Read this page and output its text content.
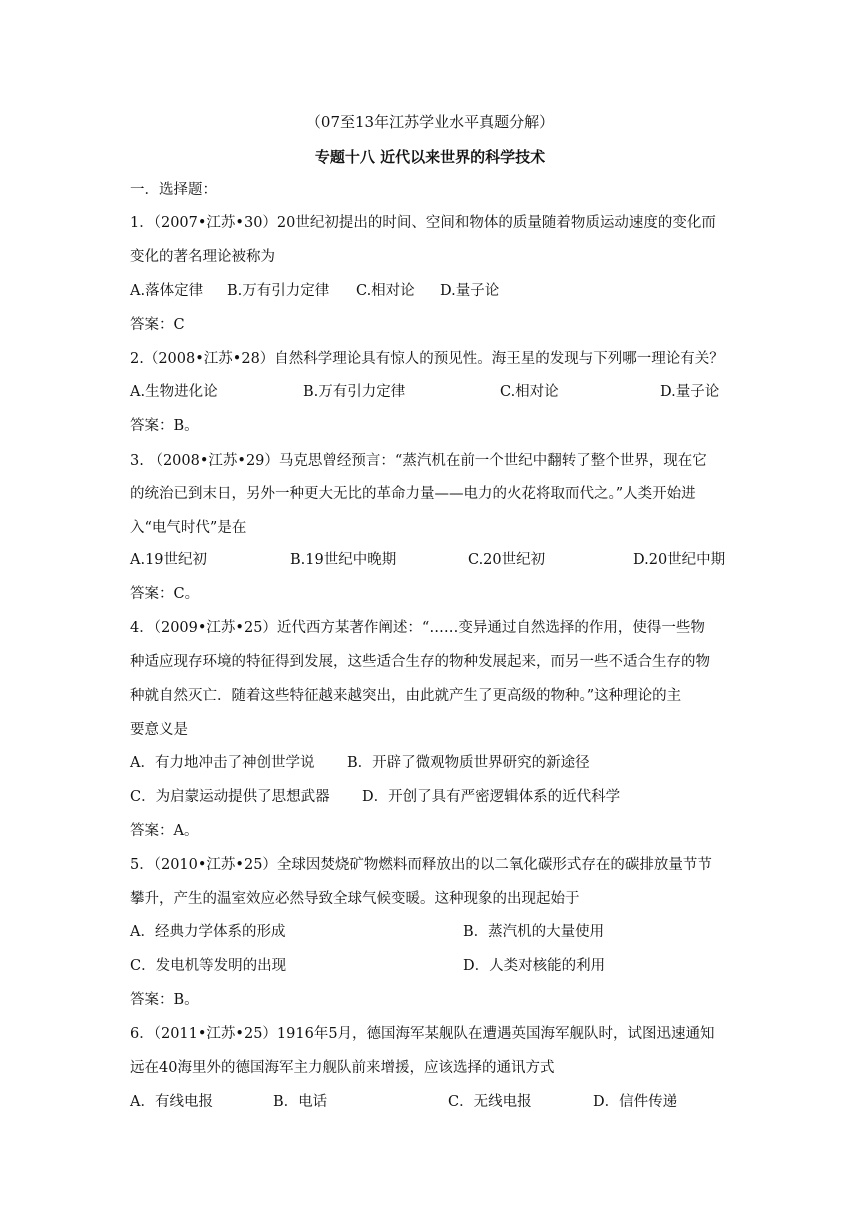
（07至13年江苏学业水平真题分解）
专题十八 近代以来世界的科学技术
一．选择题：
1．（2007•江苏•30）20世纪初提出的时间、空间和物体的质量随着物质运动速度的变化而
变化的著名理论被称为
A.落体定律 B.万有引力定律 C.相对论 D.量子论
答案：C
2.（2008•江苏•28）自然科学理论具有惊人的预见性。海王星的发现与下列哪一理论有关？
A.生物进化论	B.万有引力定律	C.相对论	D.量子论
答案：B。
3. （2008•江苏•29）马克思曾经预言：“蒸汽机在前一个世纪中翻转了整个世界，现在它
的统治已到末日，另外一种更大无比的革命力量——电力的火花将取而代之。”人类开始进
入“电气时代”是在
A.19世纪初	B.19世纪中晚期	C.20世纪初	D.20世纪中期
答案：C。
4．（2009•江苏•25）近代西方某著作阐述：“……变异通过自然选择的作用，使得一些物
种适应现存环境的特征得到发展，这些适合生存的物种发展起来，而另一些不适合生存的物
种就自然灭亡．随着这些特征越来越突出，由此就产生了更高级的物种。”这种理论的主
要意义是
A．有力地冲击了神创世学说 B．开辟了微观物质世界研究的新途径
C．为启蒙运动提供了思想武器 D．开创了具有严密逻辑体系的近代科学
答案：A。
5．（2010•江苏•25）全球因焚烧矿物燃料而释放出的以二氧化碳形式存在的碳排放量节节
攀升，产生的温室效应必然导致全球气候变暖。这种现象的出现起始于
A．经典力学体系的形成	B．蒸汽机的大量使用
C．发电机等发明的出现	D．人类对核能的利用
答案：B。
6．（2011•江苏•25）1916年5月，德国海军某舰队在遭遇英国海军舰队时，试图迅速通知
远在40海里外的德国海军主力舰队前来增援，应该选择的通讯方式
A．有线电报	B．电话	C．无线电报	D．信件传递
